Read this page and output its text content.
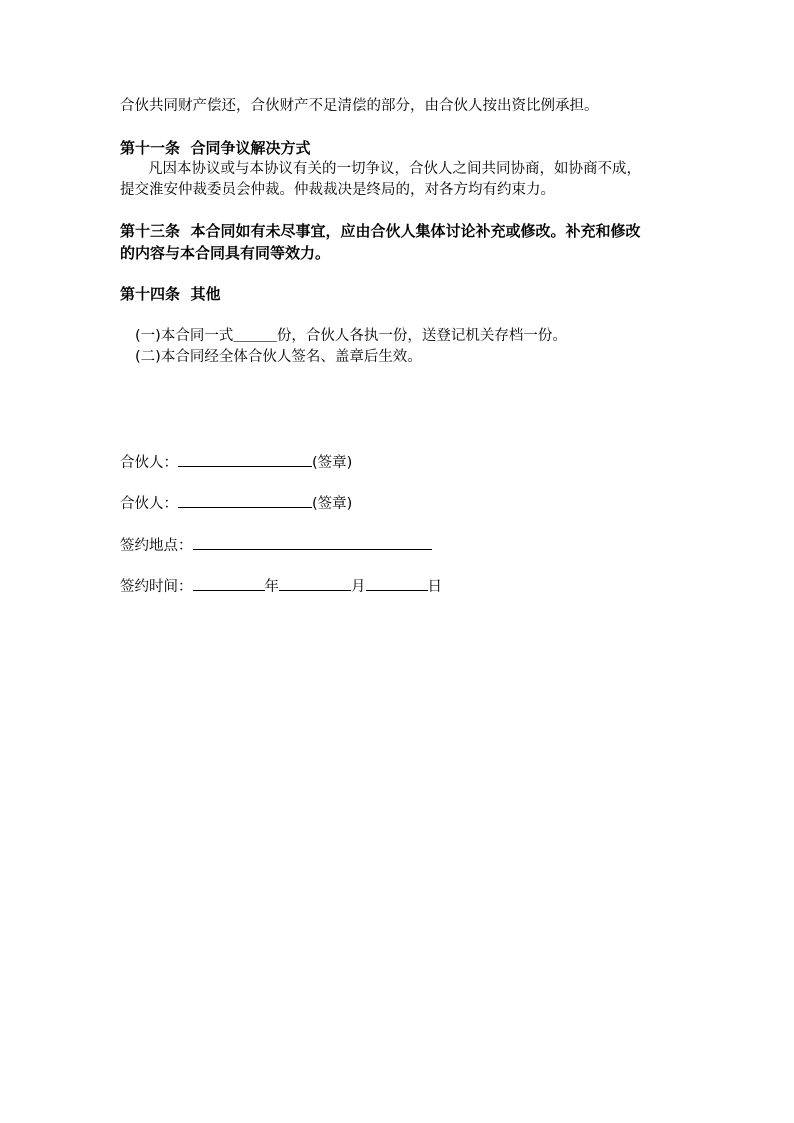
合伙共同财产偿还，合伙财产不足清偿的部分，由合伙人按出资比例承担。
第十一条  合同争议解决方式
凡因本协议或与本协议有关的一切争议，合伙人之间共同协商，如协商不成，
提交淮安仲裁委员会仲裁。仲裁裁决是终局的，对各方均有约束力。
第十三条  本合同如有未尽事宜，应由合伙人集体讨论补充或修改。补充和修改
的内容与本合同具有同等效力。
第十四条  其他
(一)本合同一式＿＿＿份，合伙人各执一份，送登记机关存档一份。
(二)本合同经全体合伙人签名、盖章后生效。
合伙人：	(签章)
合伙人：	(签章)
签约地点：
签约时间：	年	月	日
